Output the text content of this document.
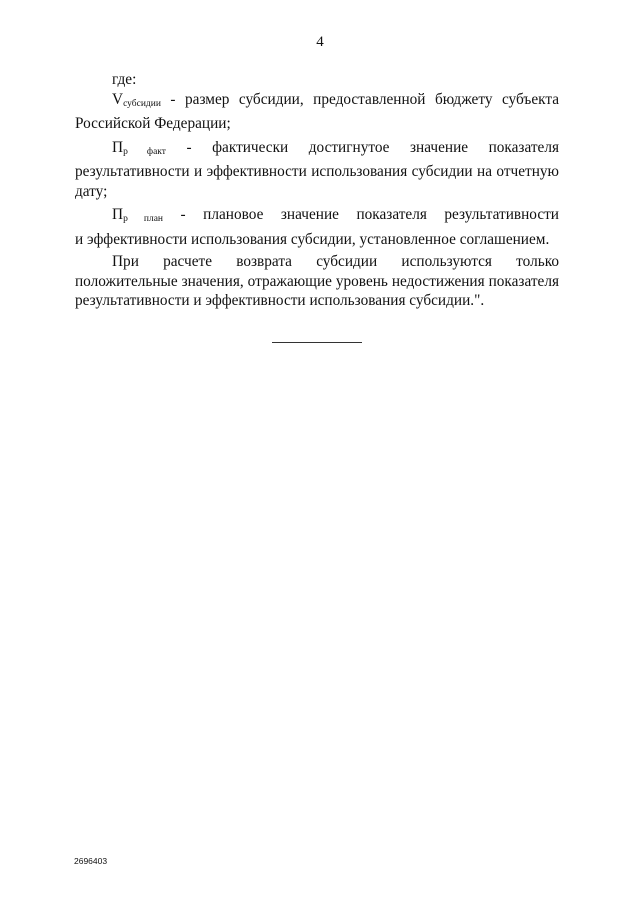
4

где:

$V_{субсидии}$ - размер субсидии, предоставленной бюджету субъекта

Российской Федерации;

$П_{р факт}$ - фактически достигнутое значение показателя

результативности и эффективности использования субсидии на отчетную дату;

$П_{р план}$ - плановое значение показателя результативности

и эффективности использования субсидии, установленное соглашением.

При расчете возврата субсидии используются только положительные значения, отражающие уровень недостижения показателя результативности и эффективности использования субсидии.".

2696403
